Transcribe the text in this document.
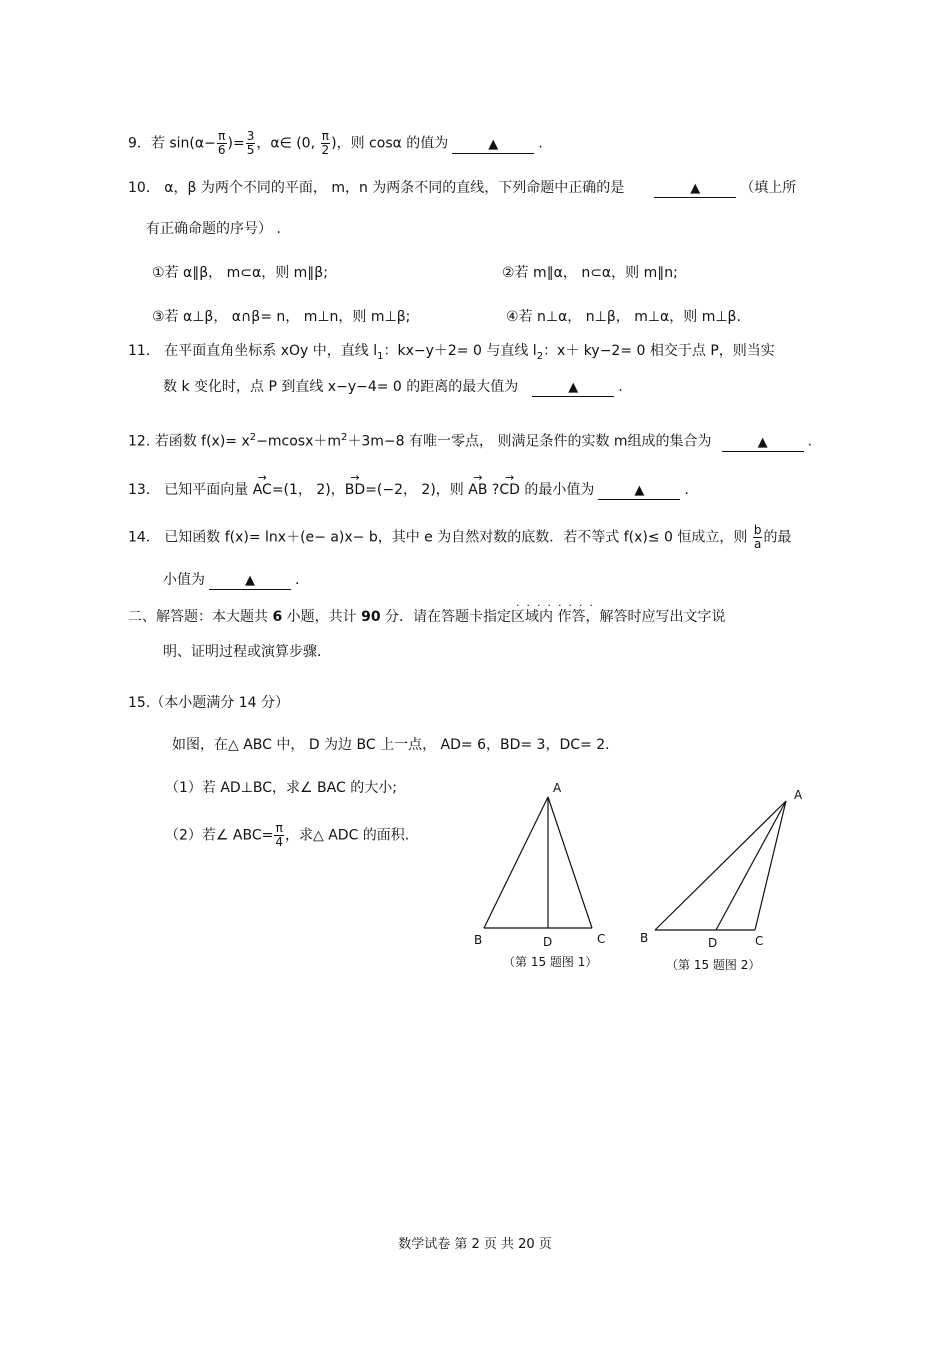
9．若 $\sin(\alpha- \frac{\pi}{6}$ )= $\frac{3}{5}$ ，α∈ (0, $\frac{\pi}{2}$ )，则 cosα 的值为	▲	.
10． α，β 为两个不同的平面， m，n 为两条不同的直线，下列命题中正确的是	▲	（填上所
有正确命题的序号） .
①若 α∥β， m⊂α，则 m∥β;	②若 m∥α， n⊂α，则 m∥n;
③若 α⊥β， α∩β= n， m⊥n，则 m⊥β;	④若 n⊥α， n⊥β， m⊥α，则 m⊥β.
11． 在平面直角坐标系 xOy 中，直线 $l_1$：kx−y＋2= 0 与直线 $l_2$：x＋ ky−2= 0 相交于点 P，则当实
数 k 变化时，点 P 到直线 x−y−4= 0 的距离的最大值为	▲	.
12. 若函数 $f(x)= x^2-mcosx+m^2+3m-8$ 有唯一零点， 则满足条件的实数 m组成的集合为	▲	.
13． 已知平面向量 → AC=(1， 2)，→ BD=(−2， 2)，则 → AB ?→ CD 的最小值为	▲	.
14． 已知函数 f(x)= lnx＋(e− a)x− b，其中 e 为自然对数的底数．若不等式 f(x)≤ 0 恒成立，则 $\frac{b}{a}$ 的最
小值为	▲	.
........
二、解答题：本大题共 6 小题，共计 90 分．请在答题卡指定区域内 作答，解答时应写出文字说
明、证明过程或演算步骤.
15.（本小题满分 14 分）
如图，在△ ABC 中， D 为边 BC 上一点， AD= 6，BD= 3，DC= 2.
（1）若 AD⊥BC，求∠ BAC 的大小;
（2）若∠ $ABC= \frac{\pi}{4}$ ，求△ ADC 的面积.
A
B	D	C
（第 15 题图 1）
A
B	D	C
（第 15 题图 2）
数学试卷 第 2 页 共 20 页
